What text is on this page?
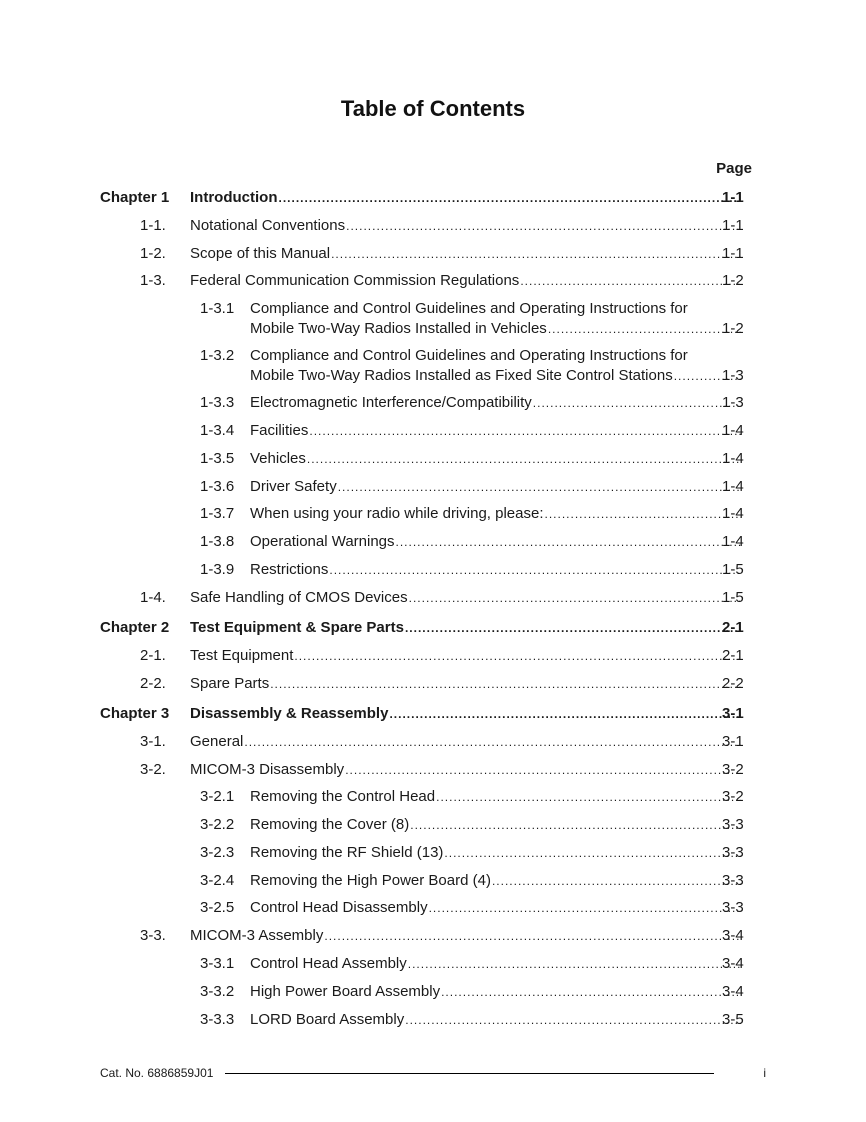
Table of Contents
Page
Chapter 1 Introduction .....	1-1
1-1. Notational Conventions .....	1-1
1-2. Scope of this Manual .....	1-1
1-3. Federal Communication Commission Regulations .....	1-2
1-3.1 Compliance and Control Guidelines and Operating Instructions for
Mobile Two-Way Radios Installed in Vehicles .....	1-2
1-3.2 Compliance and Control Guidelines and Operating Instructions for
Mobile Two-Way Radios Installed as Fixed Site Control Stations .....	1-3
1-3.3 Electromagnetic Interference/Compatibility .....	1-3
1-3.4 Facilities .....	1-4
1-3.5 Vehicles .....	1-4
1-3.6 Driver Safety .....	1-4
1-3.7 When using your radio while driving, please: .....	1-4
1-3.8 Operational Warnings .....	1-4
1-3.9 Restrictions .....	1-5
1-4. Safe Handling of CMOS Devices .....	1-5
Chapter 2 Test Equipment & Spare Parts .....	2-1
2-1. Test Equipment .....	2-1
2-2. Spare Parts .....	2-2
Chapter 3 Disassembly & Reassembly .....	3-1
3-1. General .....	3-1
3-2. MICOM-3 Disassembly .....	3-2
3-2.1 Removing the Control Head .....	3-2
3-2.2 Removing the Cover (8) .....	3-3
3-2.3 Removing the RF Shield (13) .....	3-3
3-2.4 Removing the High Power Board (4) .....	3-3
3-2.5 Control Head Disassembly .....	3-3
3-3. MICOM-3 Assembly .....	3-4
3-3.1 Control Head Assembly .....	3-4
3-3.2 High Power Board Assembly .....	3-4
3-3.3 LORD Board Assembly .....	3-5
Cat. No. 6886859J01	i
